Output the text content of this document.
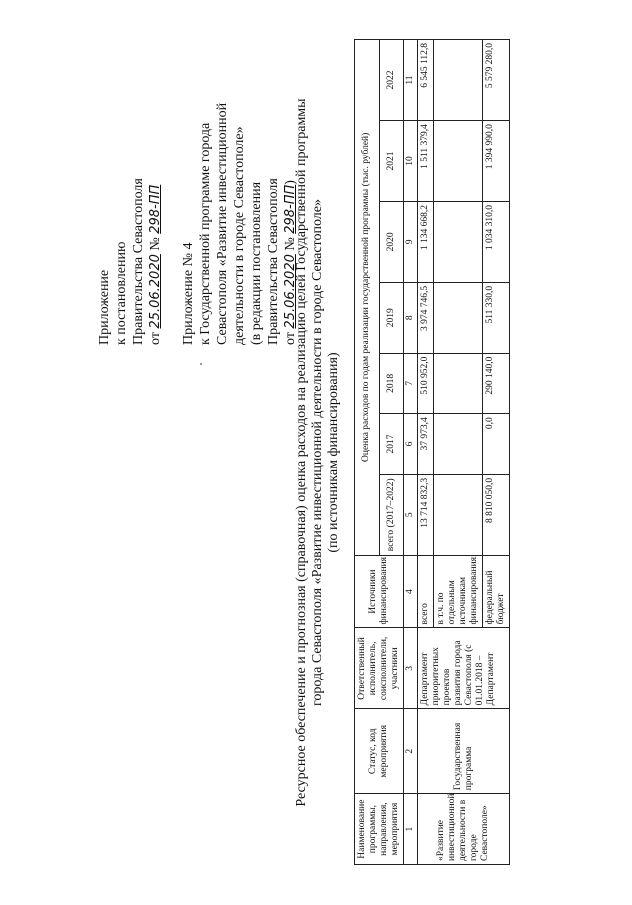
Приложение к постановлению Правительства Севастополя от 25.06.2020 № 298-ПП
Приложение № 4 к Государственной программе города Севастополя «Развитие инвестиционной деятельности в городе Севастополе» (в редакции постановления Правительства Севастополя от 25.06.2020 № 298-ПП)
Ресурсное обеспечение и прогнозная (справочная) оценка расходов на реализацию целей Государственной программы города Севастополя «Развитие инвестиционной деятельности в городе Севастополе» (по источникам финансирования)
Наименование программы, направления, мероприятия	Статус, код мероприятия	Ответственный исполнитель, соисполнители, участники	Источники финансирования	Оценка расходов по годам реализации государственной программы (тыс. рублей)						
				всего (2017–2022)	2017	2018	2019	2020	2021	2022
1	2	3	4	5	6	7	8	9	10	11
«Развитие инвестиционной деятельности в городе Севастополе»	Государственная программа	Департамент приоритетных проектов развития города Севастополя (с 01.01.2018 – Департамент	всего	13 714 832,3	37 973,4	510 952,0	3 974 746,5	1 134 668,2	1 511 379,4	6 545 112,8
			в т.ч. по отдельным источникам финансирования:							
			федеральный бюджет	8 810 050,0	0,0	290 140,0	511 330,0	1 034 310,0	1 394 990,0	5 579 280,0
